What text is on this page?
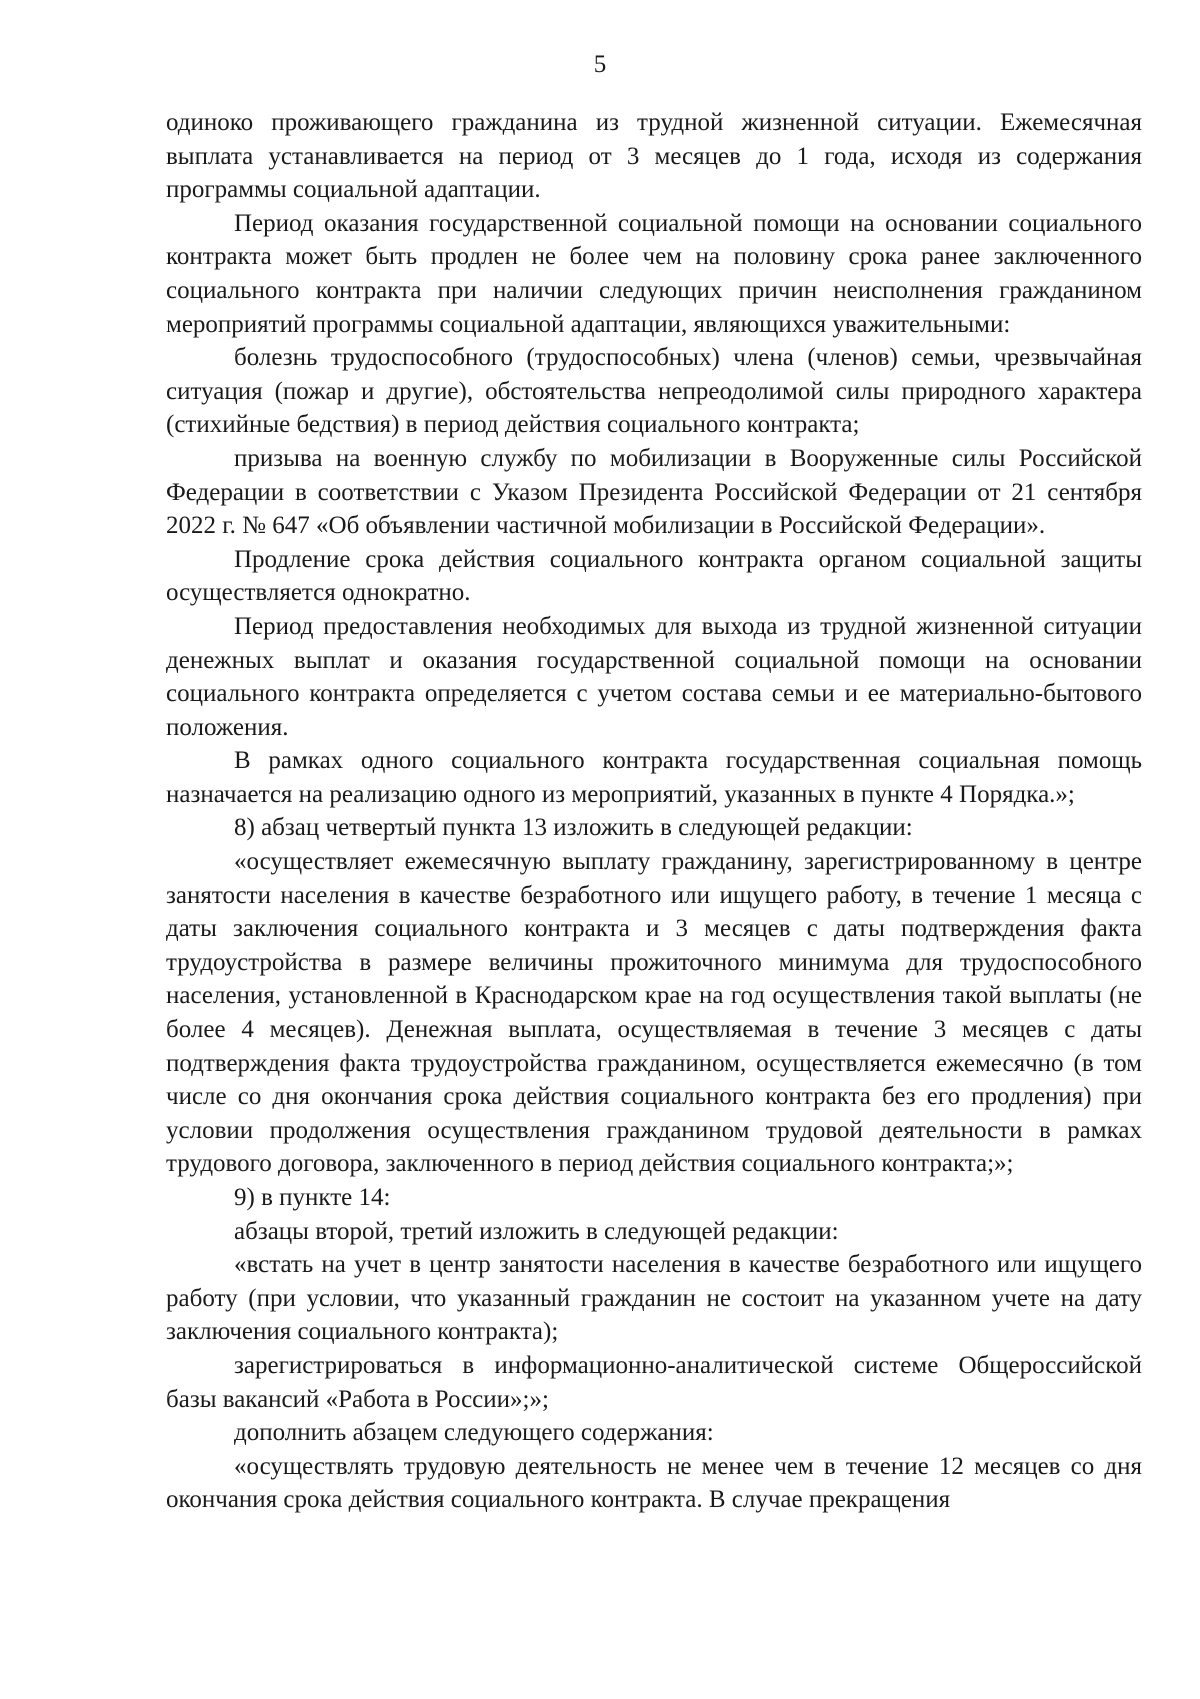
5

одиноко проживающего гражданина из трудной жизненной ситуации. Ежемесячная выплата устанавливается на период от 3 месяцев до 1 года, исходя из содержания программы социальной адаптации.

Период оказания государственной социальной помощи на основании социального контракта может быть продлен не более чем на половину срока ранее заключенного социального контракта при наличии следующих причин неисполнения гражданином мероприятий программы социальной адаптации, являющихся уважительными:

болезнь трудоспособного (трудоспособных) члена (членов) семьи, чрезвычайная ситуация (пожар и другие), обстоятельства непреодолимой силы природного характера (стихийные бедствия) в период действия социального контракта;

призыва на военную службу по мобилизации в Вооруженные силы Российской Федерации в соответствии с Указом Президента Российской Федерации от 21 сентября 2022 г. № 647 «Об объявлении частичной мобилизации в Российской Федерации».

Продление срока действия социального контракта органом социальной защиты осуществляется однократно.

Период предоставления необходимых для выхода из трудной жизненной ситуации денежных выплат и оказания государственной социальной помощи на основании социального контракта определяется с учетом состава семьи и ее материально-бытового положения.

В рамках одного социального контракта государственная социальная помощь назначается на реализацию одного из мероприятий, указанных в пункте 4 Порядка.»;

8) абзац четвертый пункта 13 изложить в следующей редакции:

«осуществляет ежемесячную выплату гражданину, зарегистрированному в центре занятости населения в качестве безработного или ищущего работу, в течение 1 месяца с даты заключения социального контракта и 3 месяцев с даты подтверждения факта трудоустройства в размере величины прожиточного минимума для трудоспособного населения, установленной в Краснодарском крае на год осуществления такой выплаты (не более 4 месяцев). Денежная выплата, осуществляемая в течение 3 месяцев с даты подтверждения факта трудоустройства гражданином, осуществляется ежемесячно (в том числе со дня окончания срока действия социального контракта без его продления) при условии продолжения осуществления гражданином трудовой деятельности в рамках трудового договора, заключенного в период действия социального контракта;»;

9) в пункте 14:

абзацы второй, третий изложить в следующей редакции:

«встать на учет в центр занятости населения в качестве безработного или ищущего работу (при условии, что указанный гражданин не состоит на указанном учете на дату заключения социального контракта);

зарегистрироваться в информационно-аналитической системе Общероссийской базы вакансий «Работа в России»;»;

дополнить абзацем следующего содержания:

«осуществлять трудовую деятельность не менее чем в течение 12 месяцев со дня окончания срока действия социального контракта. В случае прекращения
